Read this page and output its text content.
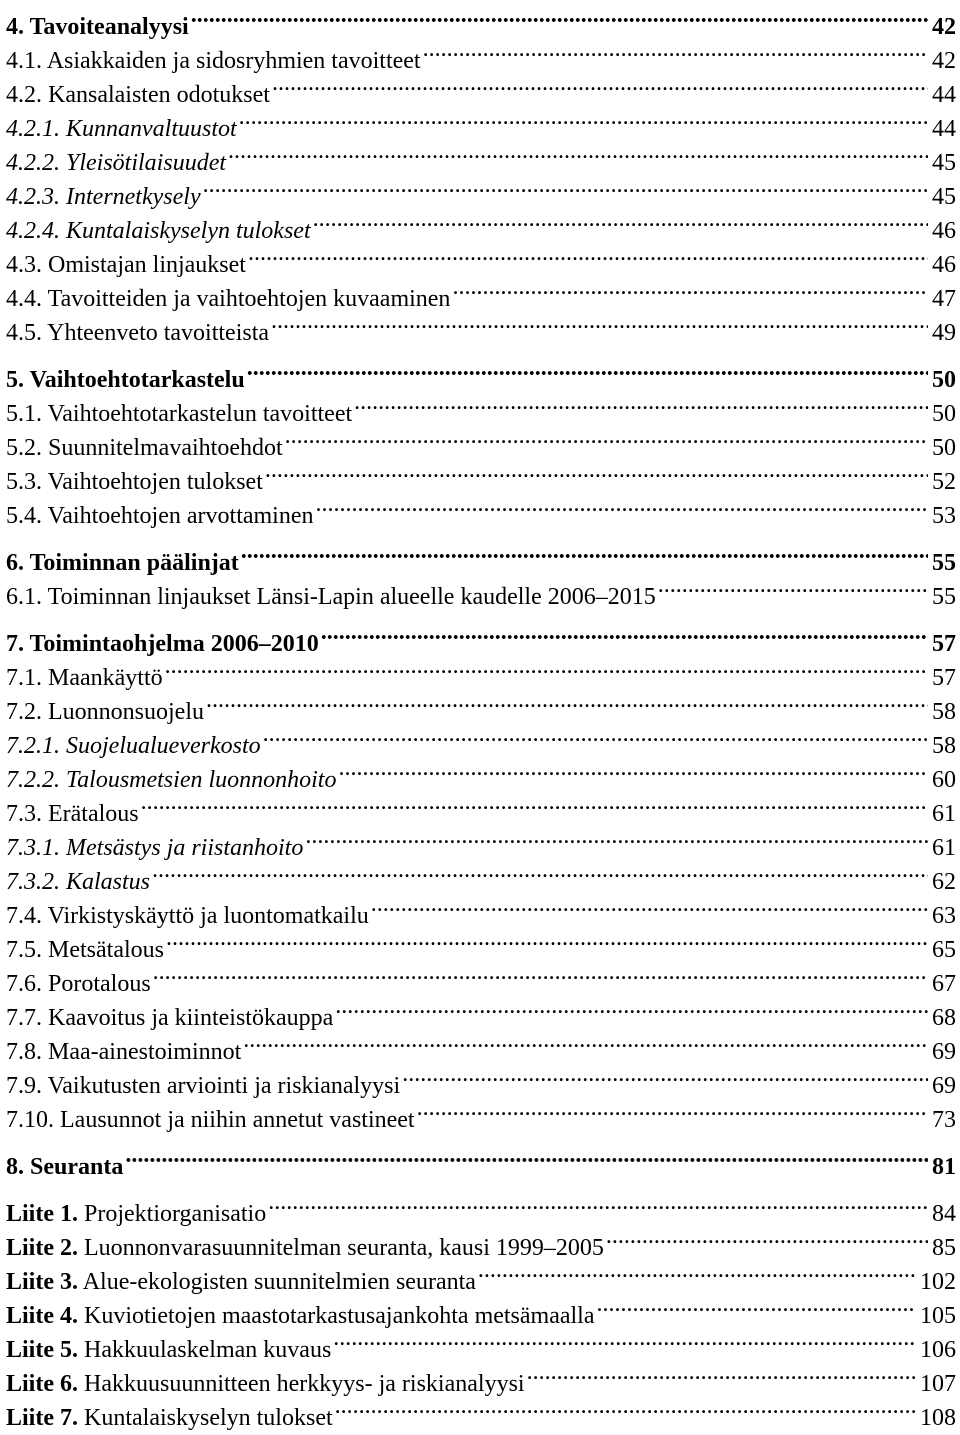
4. Tavoiteanalyysi .....	42
4.1. Asiakkaiden ja sidosryhmien tavoitteet .....	42
4.2. Kansalaisten odotukset .....	44
4.2.1. Kunnanvaltuustot .....	44
4.2.2. Yleisötilaisuudet .....	45
4.2.3. Internetkysely .....	45
4.2.4. Kuntalaiskyselyn tulokset .....	46
4.3. Omistajan linjaukset .....	46
4.4. Tavoitteiden ja vaihtoehtojen kuvaaminen .....	47
4.5. Yhteenveto tavoitteista .....	49
5. Vaihtoehtotarkastelu .....	50
5.1. Vaihtoehtotarkastelun tavoitteet .....	50
5.2. Suunnitelmavaihtoehdot .....	50
5.3. Vaihtoehtojen tulokset .....	52
5.4. Vaihtoehtojen arvottaminen .....	53
6. Toiminnan päälinjat .....	55
6.1. Toiminnan linjaukset Länsi-Lapin alueelle kaudelle 2006–2015 .....	55
7. Toimintaohjelma 2006–2010 .....	57
7.1. Maankäyttö .....	57
7.2. Luonnonsuojelu .....	58
7.2.1. Suojelualueverkosto .....	58
7.2.2. Talousmetsien luonnonhoito .....	60
7.3. Erätalous .....	61
7.3.1. Metsästys ja riistanhoito .....	61
7.3.2. Kalastus .....	62
7.4. Virkistyskäyttö ja luontomatkailu .....	63
7.5. Metsätalous .....	65
7.6. Porotalous .....	67
7.7. Kaavoitus ja kiinteistökauppa .....	68
7.8. Maa-ainestoiminnot .....	69
7.9. Vaikutusten arviointi ja riskianalyysi .....	69
7.10. Lausunnot ja niihin annetut vastineet .....	73
8. Seuranta .....	81
Liite 1. Projektiorganisatio .....	84
Liite 2. Luonnonvarasuunnitelman seuranta, kausi 1999–2005 .....	85
Liite 3. Alue-ekologisten suunnitelmien seuranta .....	102
Liite 4. Kuviotietojen maastotarkastusajankohta metsämaalla .....	105
Liite 5. Hakkuulaskelman kuvaus .....	106
Liite 6. Hakkuusuunnitteen herkkyys- ja riskianalyysi .....	107
Liite 7. Kuntalaiskyselyn tulokset .....	108
